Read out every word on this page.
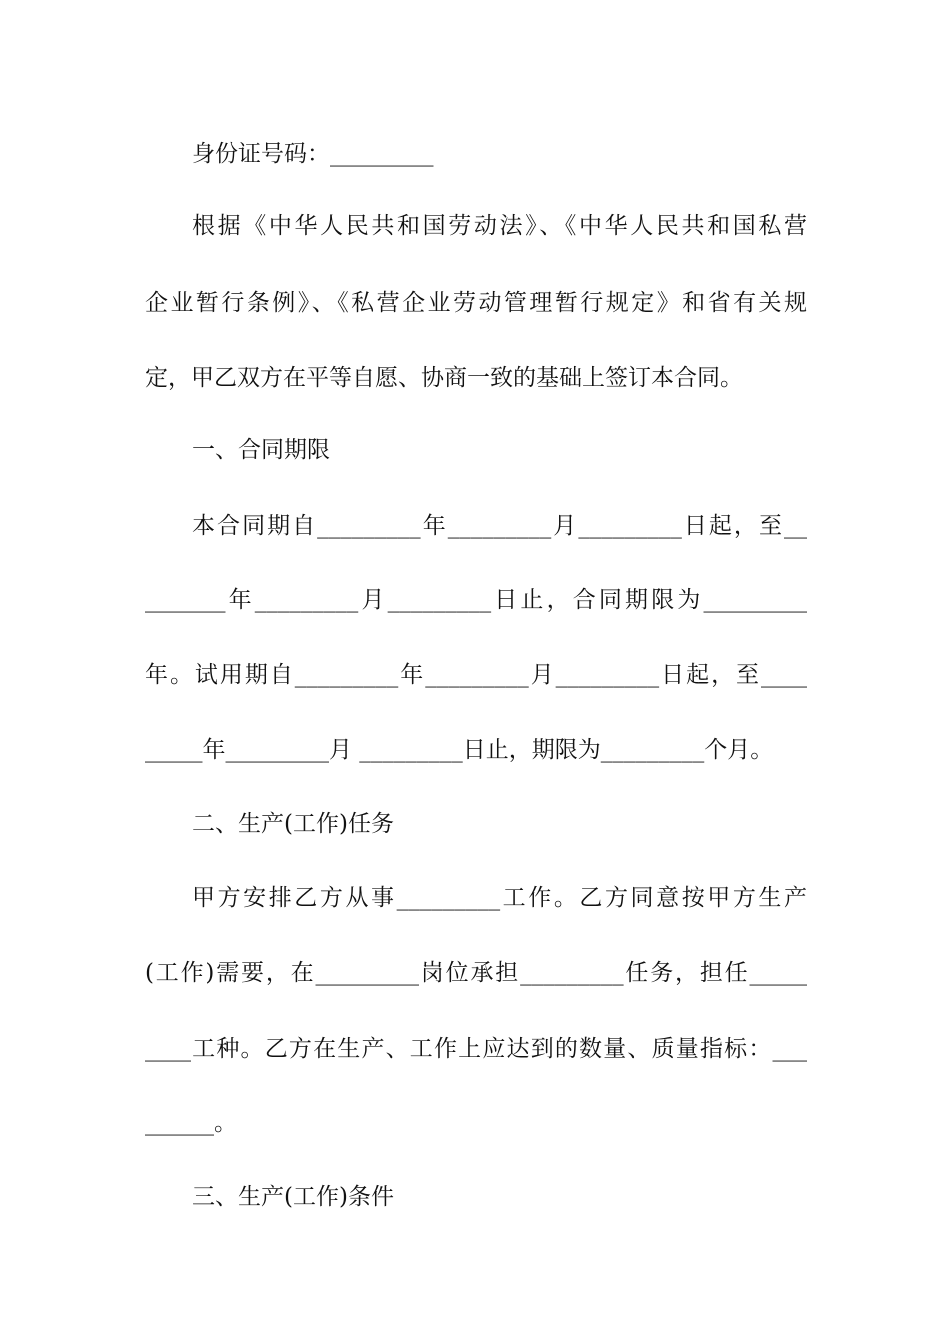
身份证号码：_________
根据《中华人民共和国劳动法》、《中华人民共和国私营
企业暂行条例》、《私营企业劳动管理暂行规定》和省有关规
定，甲乙双方在平等自愿、协商一致的基础上签订本合同。
一、合同期限
本合同期自_________年_________月_________日起，至__
_______年_________月_________日止，合同期限为_________
年。试用期自_________年_________月_________日起，至____
_____年_________月 _________日止，期限为_________个月。
二、生产(工作)任务
甲方安排乙方从事_________工作。乙方同意按甲方生产
(工作)需要，在_________岗位承担_________任务，担任_____
____工种。乙方在生产、工作上应达到的数量、质量指标：___
______。
三、生产(工作)条件
